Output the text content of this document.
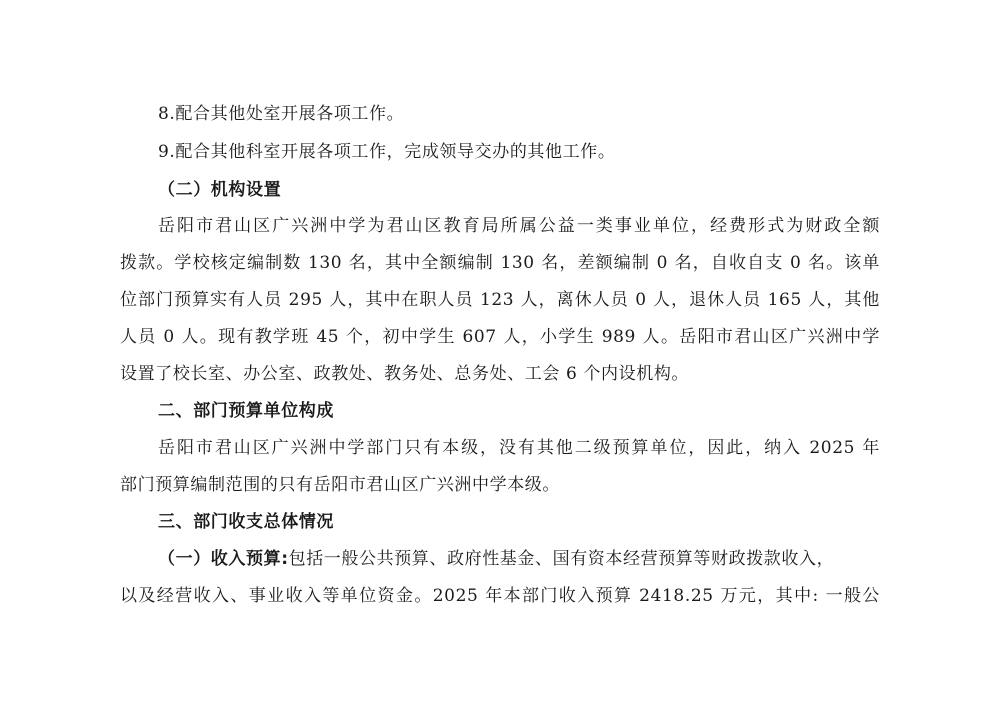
8.配合其他处室开展各项工作。
9.配合其他科室开展各项工作，完成领导交办的其他工作。
（二）机构设置
岳阳市君山区广兴洲中学为君山区教育局所属公益一类事业单位，经费形式为财政全额
拨款。学校核定编制数 130 名，其中全额编制 130 名，差额编制 0 名，自收自支 0 名。该单
位部门预算实有人员 295 人，其中在职人员 123 人，离休人员 0 人，退休人员 165 人，其他
人员 0 人。现有教学班 45 个，初中学生 607 人，小学生 989 人。岳阳市君山区广兴洲中学
设置了校长室、办公室、政教处、教务处、总务处、工会 6 个内设机构。
二、部门预算单位构成
岳阳市君山区广兴洲中学部门只有本级，没有其他二级预算单位，因此，纳入 2025 年
部门预算编制范围的只有岳阳市君山区广兴洲中学本级。
三、部门收支总体情况
（一）收入预算:包括一般公共预算、政府性基金、国有资本经营预算等财政拨款收入，
以及经营收入、事业收入等单位资金。2025 年本部门收入预算 2418.25 万元，其中: 一般公
